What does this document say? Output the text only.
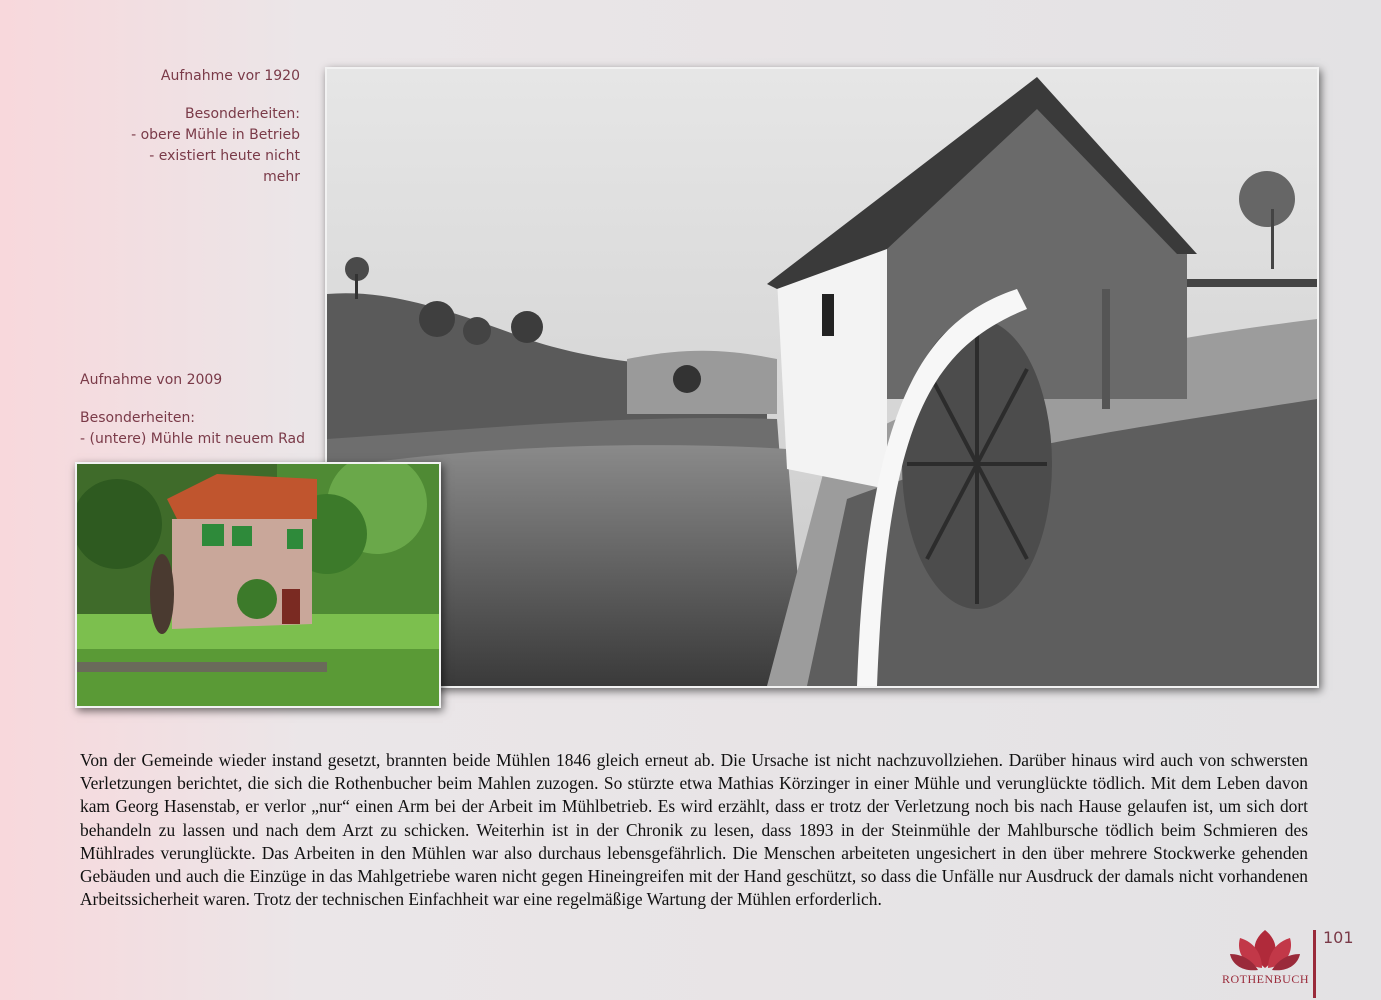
Aufnahme vor 1920

Besonderheiten:

- obere Mühle in Betrieb

- existiert heute nicht mehr

Aufnahme von 2009

Besonderheiten:

- (untere) Mühle mit neuem Rad

Von der Gemeinde wieder instand gesetzt, brannten beide Mühlen 1846 gleich erneut ab. Die Ursache ist nicht nachzuvollziehen. Darüber hinaus wird auch von schwersten Verletzungen berichtet, die sich die Rothenbucher beim Mahlen zuzogen. So stürzte etwa Mathias Körzinger in einer Mühle und verunglückte tödlich. Mit dem Leben davon kam Georg Hasenstab, er verlor „nur“ einen Arm bei der Arbeit im Mühlbetrieb. Es wird erzählt, dass er trotz der Verletzung noch bis nach Hause gelaufen ist, um sich dort behandeln zu lassen und nach dem Arzt zu schicken. Weiterhin ist in der Chronik zu lesen, dass 1893 in der Steinmühle der Mahlbursche tödlich beim Schmieren des Mühlrades verunglückte. Das Arbeiten in den Mühlen war also durchaus lebensgefährlich. Die Menschen arbeiteten ungesichert in den über mehrere Stockwerke gehenden Gebäuden und auch die Einzüge in das Mahlgetriebe waren nicht gegen Hineingreifen mit der Hand geschützt, so dass die Unfälle nur Ausdruck der damals nicht vorhandenen Arbeitssicherheit waren. Trotz der technischen Einfachheit war eine regelmäßige Wartung der Mühlen erforderlich.

ROTHENBUCH
101
